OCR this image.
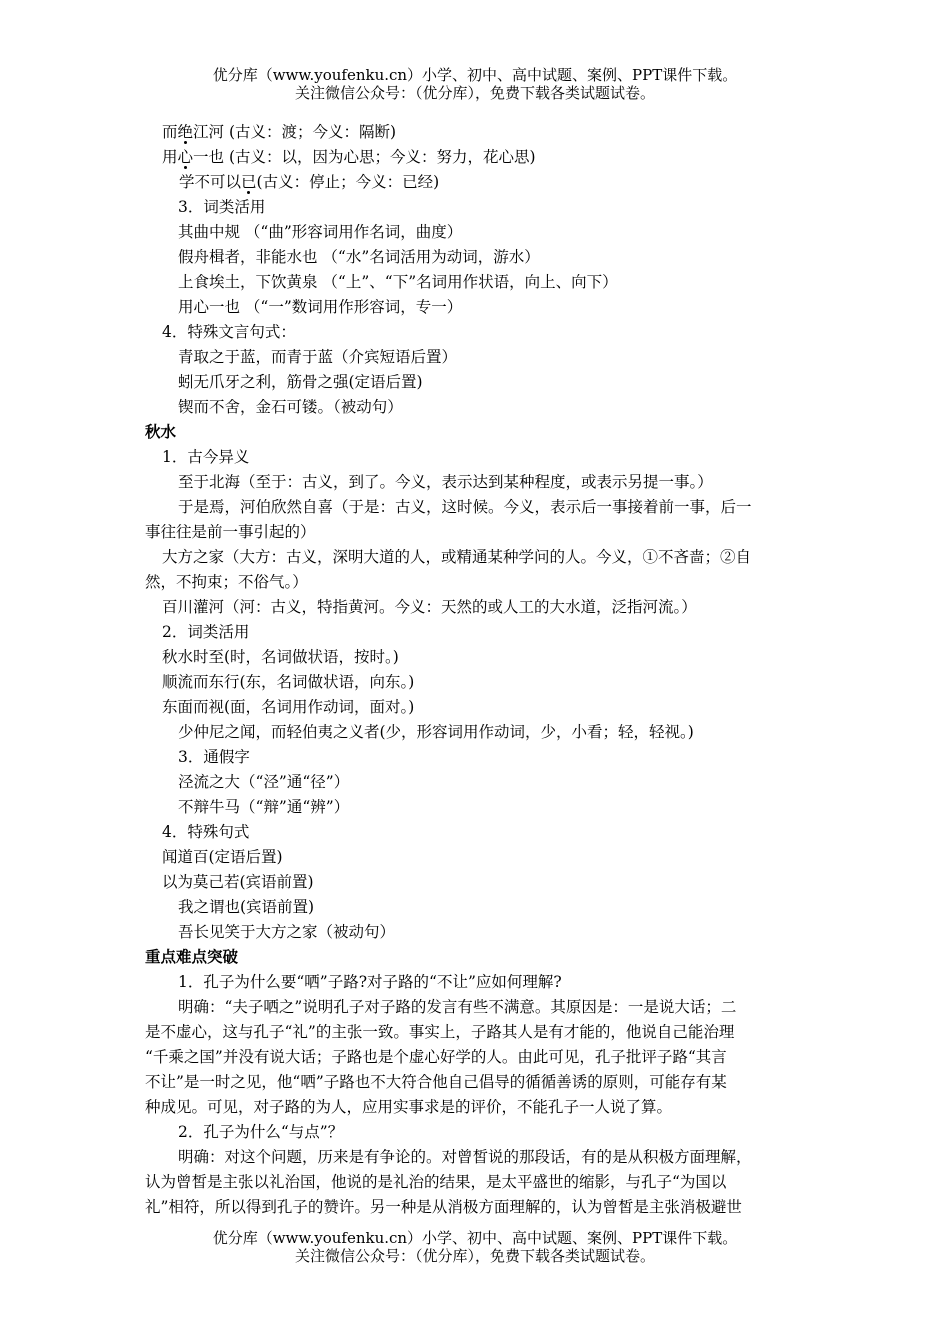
优分库（www.youfenku.cn）小学、初中、高中试题、案例、PPT课件下载。
关注微信公众号：（优分库），免费下载各类试题试卷。
而绝江河 (古义：渡；今义：隔断)
用心一也 (古义：以，因为心思；今义：努力，花心思)
学不可以已(古义：停止；今义：已经)
3．词类活用
其曲中规 （“曲”形容词用作名词，曲度）
假舟楫者，非能水也 （“水”名词活用为动词，游水）
上食埃土，下饮黄泉 （“上”、“下”名词用作状语，向上、向下）
用心一也 （“一”数词用作形容词，专一）
4．特殊文言句式：
青取之于蓝，而青于蓝（介宾短语后置）
蚓无爪牙之利，筋骨之强(定语后置)
锲而不舍，金石可镂。（被动句）
秋水
1．古今异义
至于北海（至于：古义，到了。今义，表示达到某种程度，或表示另提一事。）
于是焉，河伯欣然自喜（于是：古义，这时候。今义，表示后一事接着前一事，后一
事往往是前一事引起的）
大方之家（大方：古义，深明大道的人，或精通某种学问的人。今义，①不吝啬；②自
然，不拘束；不俗气。）
百川灌河（河：古义，特指黄河。今义：天然的或人工的大水道，泛指河流。）
2．词类活用
秋水时至(时，名词做状语，按时。)
顺流而东行(东，名词做状语，向东。)
东面而视(面，名词用作动词，面对。)
少仲尼之闻，而轻伯夷之义者(少，形容词用作动词，少，小看；轻，轻视。)
3．通假字
泾流之大（“泾”通“径”）
不辩牛马（“辩”通“辨”）
4．特殊句式
闻道百(定语后置)
以为莫己若(宾语前置)
我之谓也(宾语前置)
吾长见笑于大方之家（被动句）
重点难点突破
1．孔子为什么要“哂”子路?对子路的“不让”应如何理解?
明确：“夫子哂之”说明孔子对子路的发言有些不满意。其原因是：一是说大话；二
是不虚心，这与孔子“礼”的主张一致。事实上，子路其人是有才能的，他说自己能治理
“千乘之国”并没有说大话；子路也是个虚心好学的人。由此可见，孔子批评子路“其言
不让”是一时之见，他“哂”子路也不大符合他自己倡导的循循善诱的原则，可能存有某
种成见。可见，对子路的为人，应用实事求是的评价，不能孔子一人说了算。
2．孔子为什么“与点”？
明确：对这个问题，历来是有争论的。对曾皙说的那段话，有的是从积极方面理解，
认为曾皙是主张以礼治国，他说的是礼治的结果，是太平盛世的缩影，与孔子“为国以
礼”相符，所以得到孔子的赞许。另一种是从消极方面理解的，认为曾皙是主张消极避世
优分库（www.youfenku.cn）小学、初中、高中试题、案例、PPT课件下载。
关注微信公众号：（优分库），免费下载各类试题试卷。
